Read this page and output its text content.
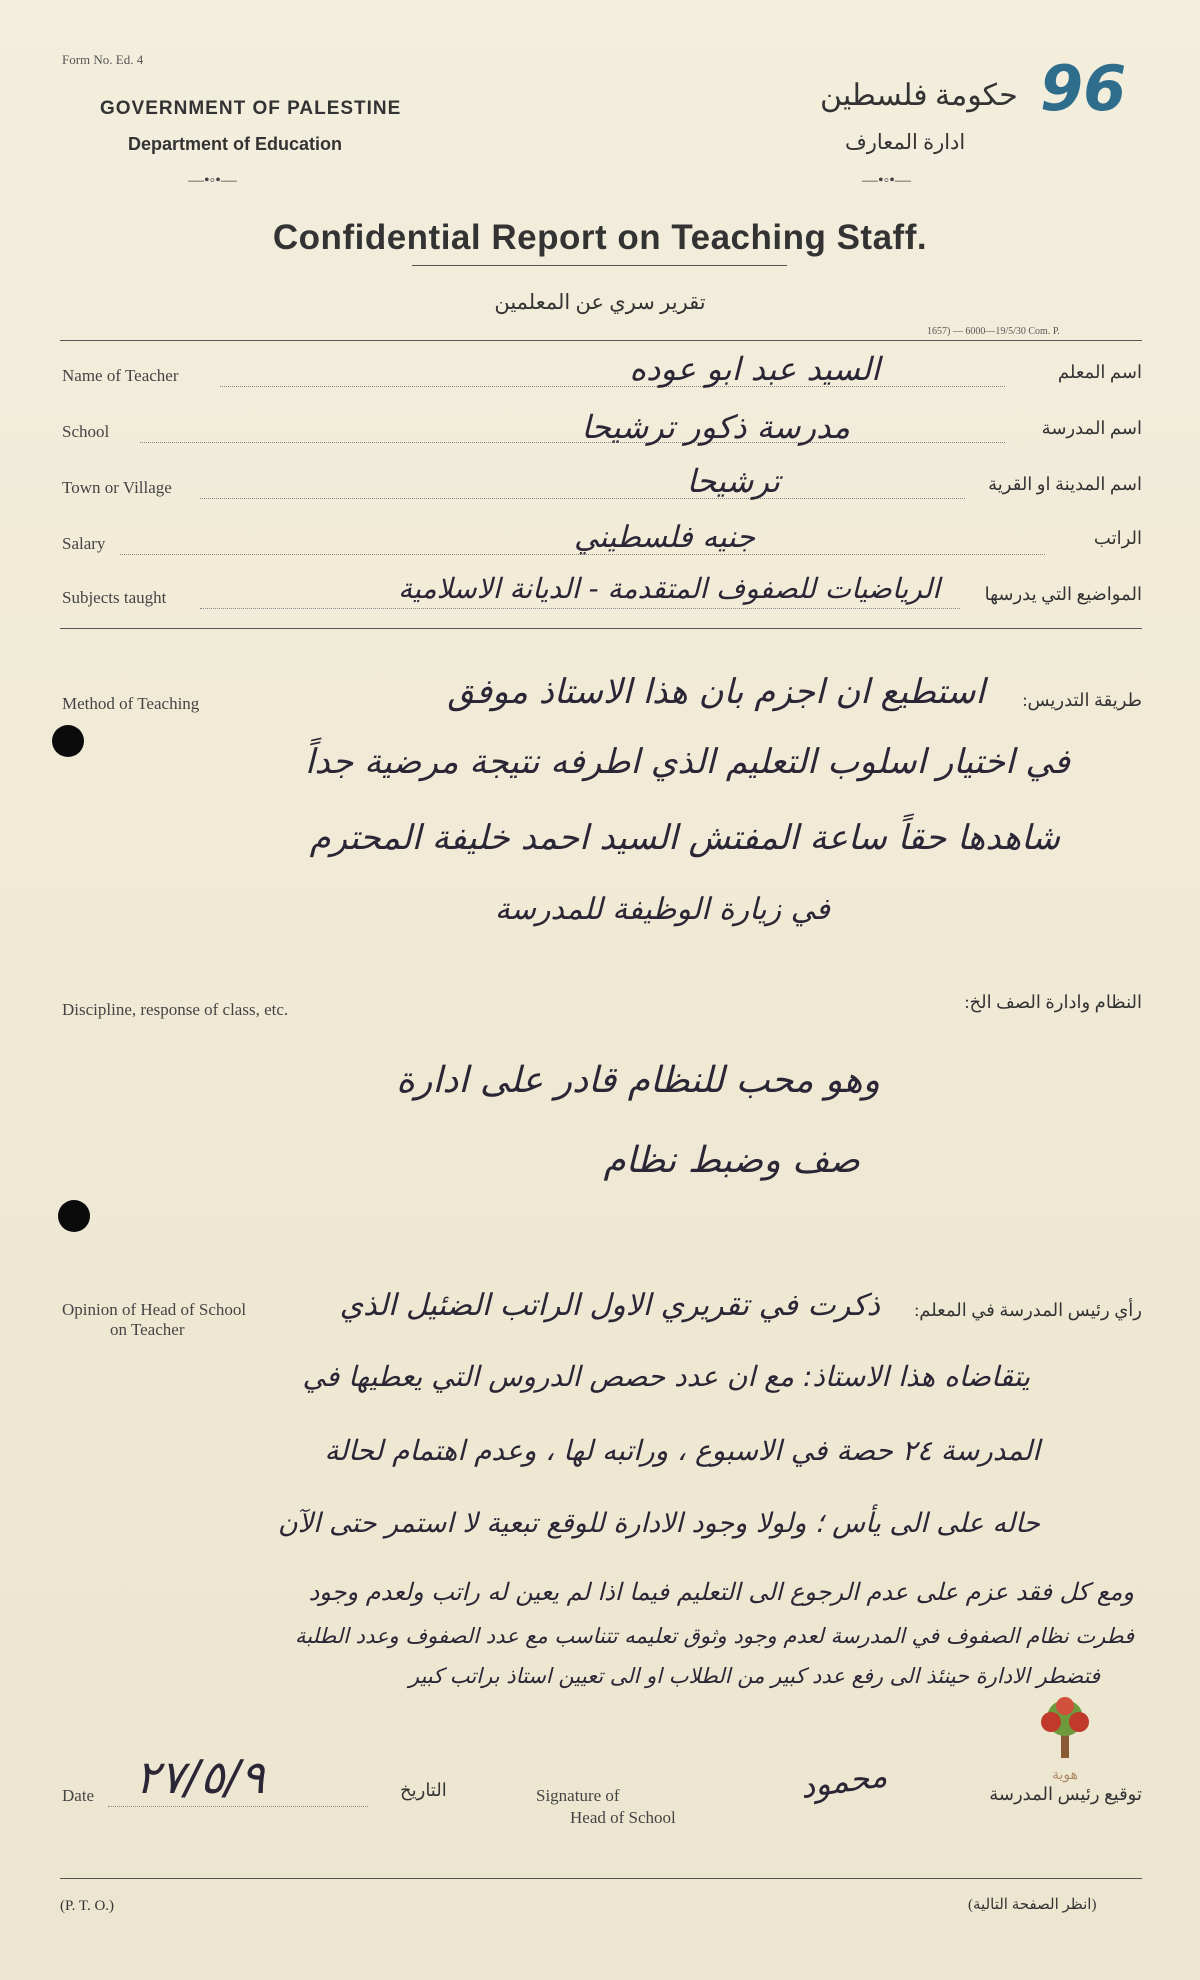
Form No. Ed. 4
GOVERNMENT OF PALESTINE
Department of Education
—•◦•—
حكومة فلسطين
ادارة المعارف
—•◦•—
96
Confidential Report on Teaching Staff.
تقرير سري عن المعلمين
1657) — 6000—19/5/30 Com. P.
Name of Teacher	السيد عبد ابو عوده	اسم المعلم
School	مدرسة ذكور ترشيحا	اسم المدرسة
Town or Village	ترشيحا	اسم المدينة او القرية
Salary	جنيه فلسطيني	الراتب
Subjects taught	الرياضيات للصفوف المتقدمة - الديانة الاسلامية	المواضيع التي يدرسها
Method of Teaching	طريقة التدريس:
استطيع ان اجزم بان هذا الاستاذ موفق
في اختيار اسلوب التعليم الذي اطرفه نتيجة مرضية جداً
شاهدها حقاً ساعة المفتش السيد احمد خليفة المحترم
في زيارة الوظيفة للمدرسة
Discipline, response of class, etc.	النظام وادارة الصف الخ:
وهو محب للنظام قادر على ادارة
صف وضبط نظام
Opinion of Head of School
on Teacher
رأي رئيس المدرسة في المعلم:
ذكرت في تقريري الاول الراتب الضئيل الذي
يتقاضاه هذا الاستاذ: مع ان عدد حصص الدروس التي يعطيها في
المدرسة ٢٤ حصة في الاسبوع ، وراتبه لها ، وعدم اهتمام لحالة
حاله على الى يأس ؛ ولولا وجود الادارة للوقع تبعية لا استمر حتى الآن
ومع كل فقد عزم على عدم الرجوع الى التعليم فيما اذا لم يعين له راتب ولعدم وجود
فطرت نظام الصفوف في المدرسة لعدم وجود وثوق تعليمه تتناسب مع عدد الصفوف وعدد الطلبة
فتضطر الادارة حينئذ الى رفع عدد كبير من الطلاب او الى تعيين استاذ براتب كبير
Date ٢٧/٥/٩	التاريخ	Signature of
Head of School
محمود	توقيع رئيس المدرسة
هوية
(P. T. O.)	(انظر الصفحة التالية)
